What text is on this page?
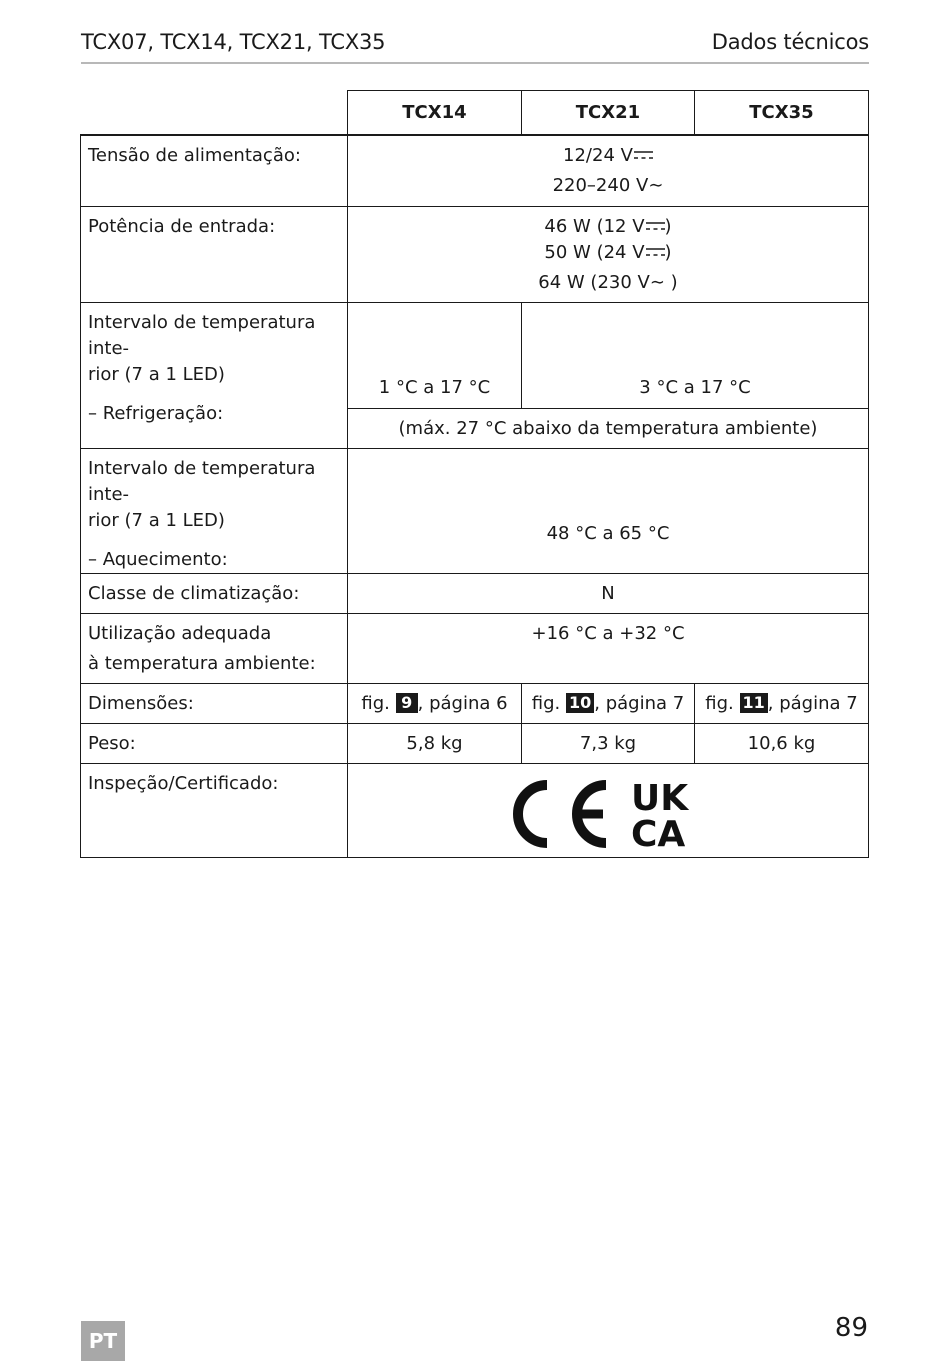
TCX07, TCX14, TCX21, TCX35	Dados técnicos
	TCX14	TCX21	TCX35

Tensão de alimentação:	12/24 V
220–240 V∼		

Potência de entrada:	46 W (12 V )
50 W (24 V )
64 W (230 V∼ )		

Intervalo de temperatura inte-
rior (7 a 1 LED)
– Refrigeração:	1 °C a 17 °C	3 °C a 17 °C	

	(máx. 27 °C abaixo da temperatura ambiente)		

Intervalo de temperatura inte-
rior (7 a 1 LED)
– Aquecimento:	48 °C a 65 °C		

Classe de climatização:	N		

Utilização adequada
à temperatura ambiente:	+16 °C a +32 °C		

Dimensões:	fig. 9 , página 6	fig. 10 , página 7	fig. 11 , página 7

Peso:	5,8 kg	7,3 kg	10,6 kg

Inspeção/Certificado:	UK
CA		
PT	89
